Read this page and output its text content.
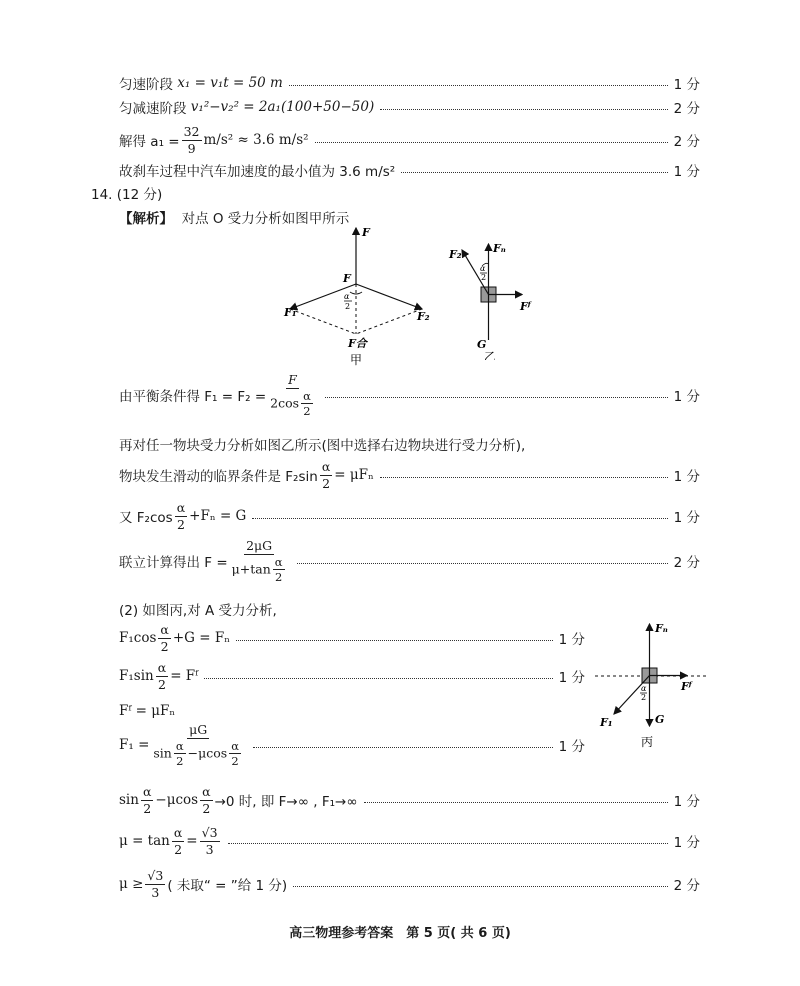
匀速阶段
x₁ = v₁t = 50 m	1 分
匀减速阶段
v₁²−v₂² = 2a₁(100+50−50)	2 分
解得 $a_1 = \frac{32}{9} m/s^2 \approx 3.6$ m/s²	2 分
故刹车过程中汽车加速度的最小值为 3.6 m/s²	1 分
14. (12 分)
【解析】 对点 O 受力分析如图甲所示
F
F
α
2
F₁	F₂
F合
甲
α
2
F₂	Fₙ
Fᶠ
G
乙
由平衡条件得 $F_1 = F_2 = \frac{F}{2\cos \frac{\alpha}{2}}$	1 分
再对任一物块受力分析如图乙所示(图中选择右边物块进行受力分析),
物块发生滑动的临界条件是 $F_2\sin \frac{\alpha}{2} = \mu F_n$	1 分
又 $F_2\cos \frac{\alpha}{2} +F_n = G$	1 分
联立计算得出 $F = \frac{2\mu G}{\mu+\tan \frac{\alpha}{2}}$	2 分
(2) 如图丙,对 A 受力分析,
$F_1\cos \frac{\alpha}{2} +G = F_n$	1 分
$F_1\sin \frac{\alpha}{2}$ = Fᶠ	1 分
Fᶠ = μFₙ
$F_1 = \frac{\mu G}{\sin \frac{\alpha}{2} -\mu\cos \frac{\alpha}{2}}$	1 分
α
2
Fₙ
Fᶠ
F₁	G
丙
$\sin \frac{\alpha}{2} -\mu\cos \frac{\alpha}{2} \to 0$ 时, 即 F→∞ , F₁→∞	1 分
$\mu = \tan \frac{\alpha}{2} = \frac{√3}{3}$	1 分
$\mu \ge \frac{√3}{3}$ ( 未取“ = ”给 1 分)	2 分
高三物理参考答案　第 5 页( 共 6 页)
